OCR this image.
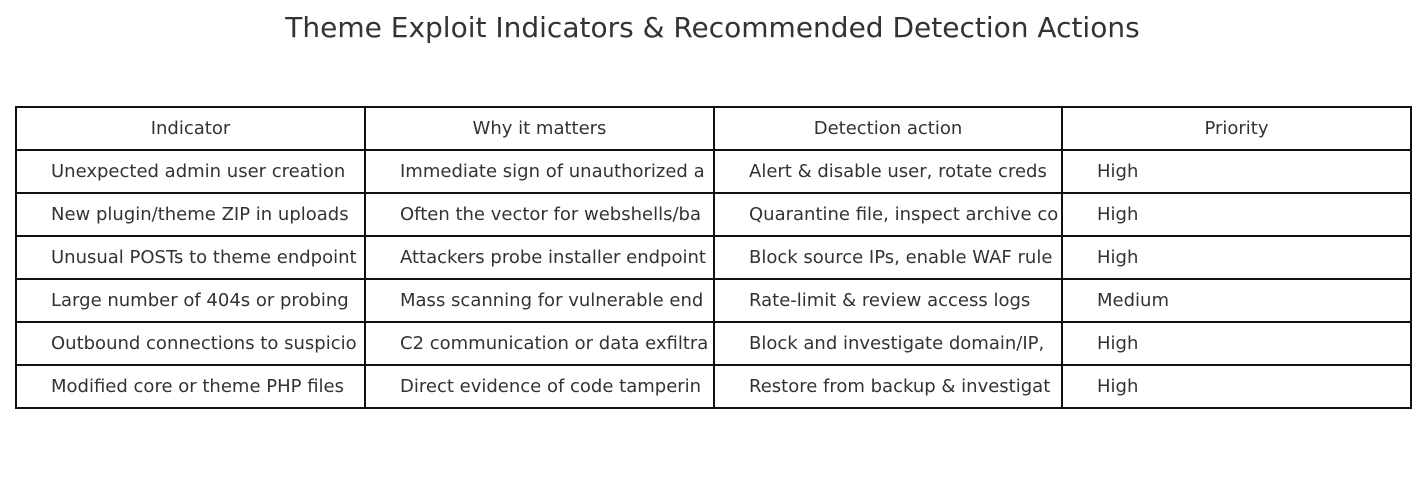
Theme Exploit Indicators & Recommended Detection Actions
Indicator	Why it matters	Detection action	Priority

Unexpected admin user creation	Immediate sign of unauthorized a	Alert & disable user, rotate creds	High

New plugin/theme ZIP in uploads	Often the vector for webshells/ba	Quarantine file, inspect archive co	High

Unusual POSTs to theme endpoint	Attackers probe installer endpoint	Block source IPs, enable WAF rule	High

Large number of 404s or probing	Mass scanning for vulnerable end	Rate-limit & review access logs	Medium

Outbound connections to suspicio	C2 communication or data exfiltra	Block and investigate domain/IP,	High

Modified core or theme PHP files	Direct evidence of code tamperin	Restore from backup & investigat	High
